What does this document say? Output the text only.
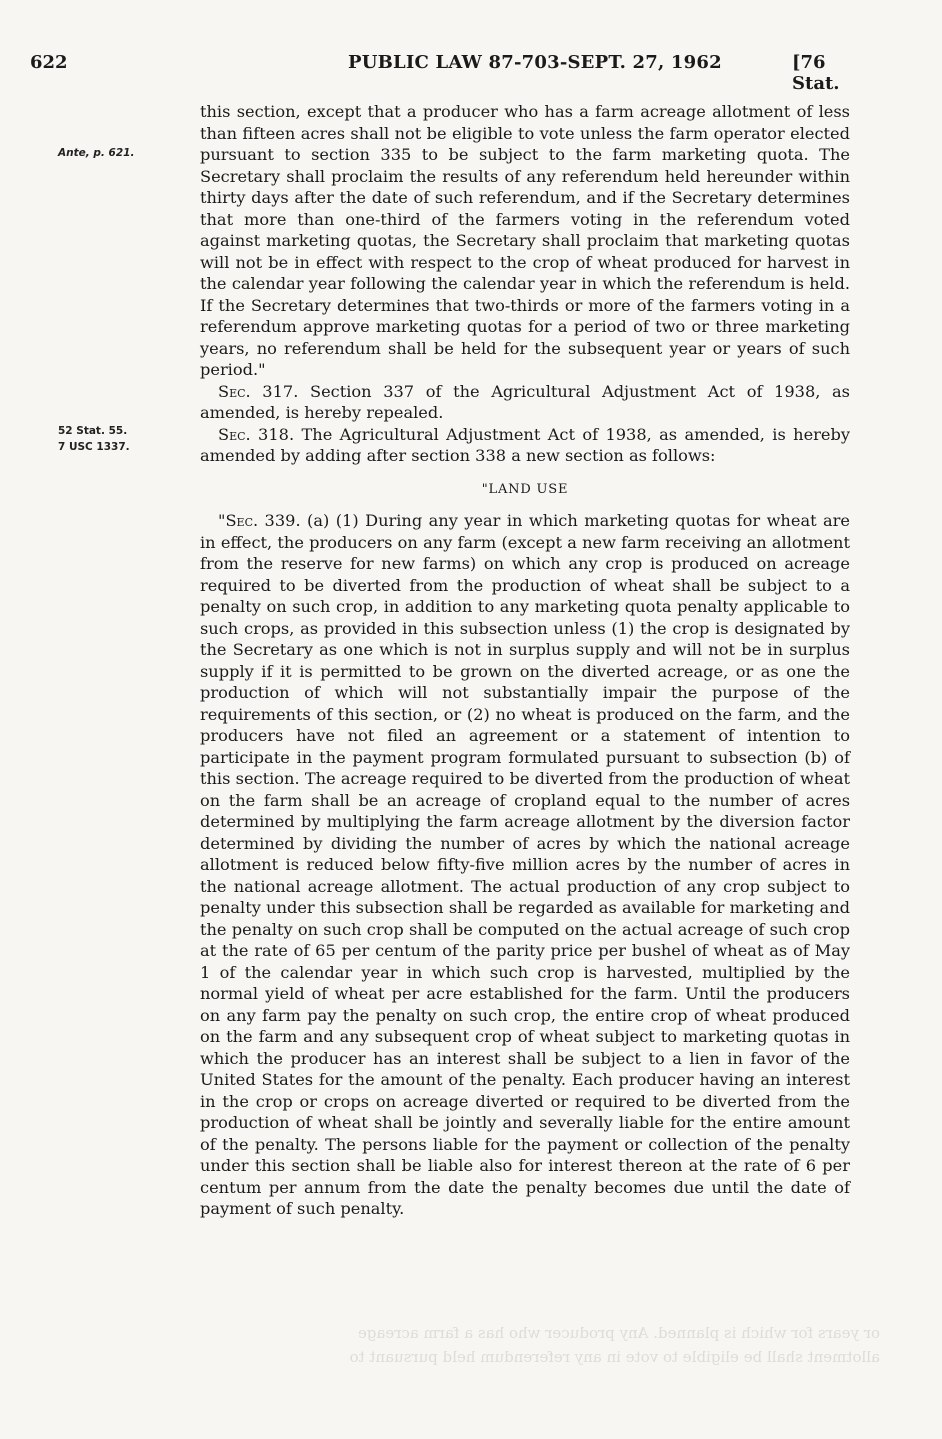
622	PUBLIC LAW 87-703-SEPT. 27, 1962	[76 Stat.
Ante, p. 621.
52 Stat. 55.
7 USC 1337.

this section, except that a producer who has a farm acreage allotment of less than fifteen acres shall not be eligible to vote unless the farm operator elected pursuant to section 335 to be subject to the farm marketing quota. The Secretary shall proclaim the results of any referendum held hereunder within thirty days after the date of such referendum, and if the Secretary determines that more than one-third of the farmers voting in the referendum voted against marketing quotas, the Secretary shall proclaim that marketing quotas will not be in effect with respect to the crop of wheat produced for harvest in the calendar year following the calendar year in which the referendum is held. If the Secretary determines that two-thirds or more of the farmers voting in a referendum approve marketing quotas for a period of two or three marketing years, no referendum shall be held for the subsequent year or years of such period."

Sec. 317. Section 337 of the Agricultural Adjustment Act of 1938, as amended, is hereby repealed.

Sec. 318. The Agricultural Adjustment Act of 1938, as amended, is hereby amended by adding after section 338 a new section as follows:

"LAND USE

"Sec. 339. (a) (1) During any year in which marketing quotas for wheat are in effect, the producers on any farm (except a new farm receiving an allotment from the reserve for new farms) on which any crop is produced on acreage required to be diverted from the production of wheat shall be subject to a penalty on such crop, in addition to any marketing quota penalty applicable to such crops, as provided in this subsection unless (1) the crop is designated by the Secretary as one which is not in surplus supply and will not be in surplus supply if it is permitted to be grown on the diverted acreage, or as one the production of which will not substantially impair the purpose of the requirements of this section, or (2) no wheat is produced on the farm, and the producers have not filed an agreement or a statement of intention to participate in the payment program formulated pursuant to subsection (b) of this section. The acreage required to be diverted from the production of wheat on the farm shall be an acreage of cropland equal to the number of acres determined by multiplying the farm acreage allotment by the diversion factor determined by dividing the number of acres by which the national acreage allotment is reduced below fifty-five million acres by the number of acres in the national acreage allotment. The actual production of any crop subject to penalty under this subsection shall be regarded as available for marketing and the penalty on such crop shall be computed on the actual acreage of such crop at the rate of 65 per centum of the parity price per bushel of wheat as of May 1 of the calendar year in which such crop is harvested, multiplied by the normal yield of wheat per acre established for the farm. Until the producers on any farm pay the penalty on such crop, the entire crop of wheat produced on the farm and any subsequent crop of wheat subject to marketing quotas in which the producer has an interest shall be subject to a lien in favor of the United States for the amount of the penalty. Each producer having an interest in the crop or crops on acreage diverted or required to be diverted from the production of wheat shall be jointly and severally liable for the entire amount of the penalty. The persons liable for the payment or collection of the penalty under this section shall be liable also for interest thereon at the rate of 6 per centum per annum from the date the penalty becomes due until the date of payment of such penalty.

or years for which is planned. Any producer who has a farm acreage
allotment shall be eligible to vote in any referendum held pursuant to
